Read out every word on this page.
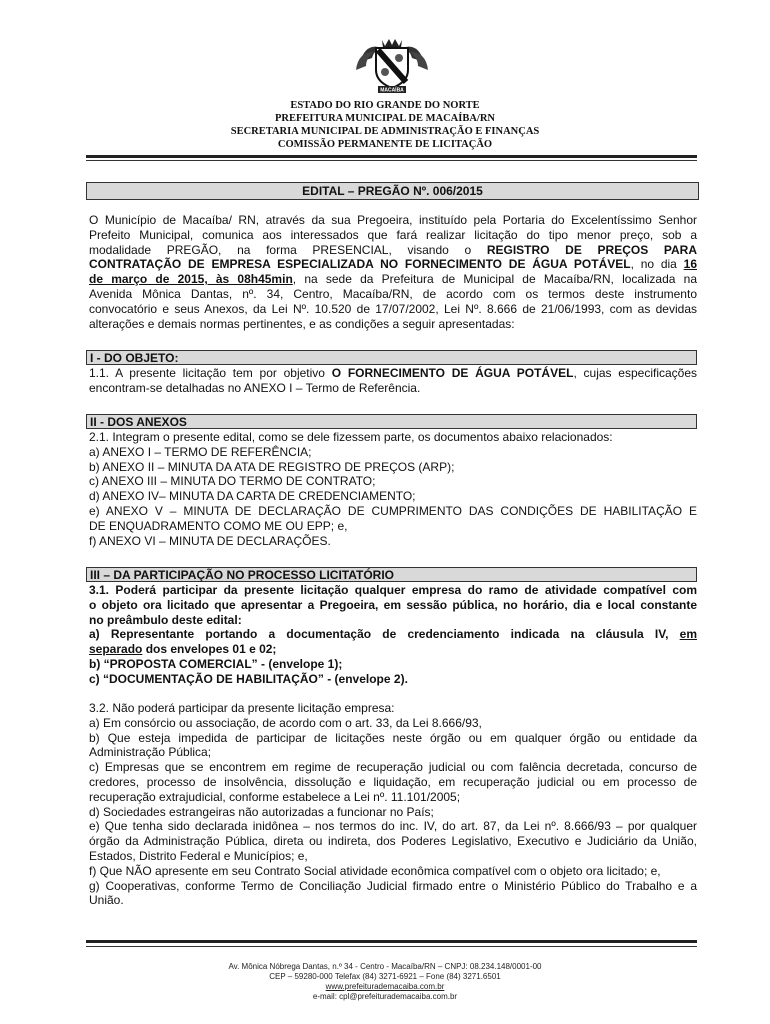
MACAÍBA
ESTADO DO RIO GRANDE DO NORTE
PREFEITURA MUNICIPAL DE MACAÍBA/RN
SECRETARIA MUNICIPAL DE ADMINISTRAÇÃO E FINANÇAS
COMISSÃO PERMANENTE DE LICITAÇÃO
EDITAL – PREGÃO Nº. 006/2015
O Município de Macaíba/ RN, através da sua Pregoeira, instituído pela Portaria do Excelentíssimo Senhor
Prefeito Municipal, comunica aos interessados que fará realizar licitação do tipo menor preço, sob a
modalidade PREGÃO, na forma PRESENCIAL, visando o REGISTRO DE PREÇOS PARA
CONTRATAÇÃO DE EMPRESA ESPECIALIZADA NO FORNECIMENTO DE ÁGUA POTÁVEL, no dia 16
de março de 2015, às 08h45min, na sede da Prefeitura de Municipal de Macaíba/RN, localizada na
Avenida Mônica Dantas, nº. 34, Centro, Macaíba/RN, de acordo com os termos deste instrumento
convocatório e seus Anexos, da Lei Nº. 10.520 de 17/07/2002, Lei Nº. 8.666 de 21/06/1993, com as devidas
alterações e demais normas pertinentes, e as condições a seguir apresentadas:
I - DO OBJETO:
1.1. A presente licitação tem por objetivo O FORNECIMENTO DE ÁGUA POTÁVEL, cujas especificações
encontram-se detalhadas no ANEXO I – Termo de Referência.
II - DOS ANEXOS
2.1. Integram o presente edital, como se dele fizessem parte, os documentos abaixo relacionados:
a) ANEXO I – TERMO DE REFERÊNCIA;
b) ANEXO II – MINUTA DA ATA DE REGISTRO DE PREÇOS (ARP);
c) ANEXO III – MINUTA DO TERMO DE CONTRATO;
d) ANEXO IV– MINUTA DA CARTA DE CREDENCIAMENTO;
e) ANEXO V – MINUTA DE DECLARAÇÃO DE CUMPRIMENTO DAS CONDIÇÕES DE HABILITAÇÃO E
DE ENQUADRAMENTO COMO ME OU EPP; e,
f) ANEXO VI – MINUTA DE DECLARAÇÕES.
III – DA PARTICIPAÇÃO NO PROCESSO LICITATÓRIO
3.1. Poderá participar da presente licitação qualquer empresa do ramo de atividade compatível com
o objeto ora licitado que apresentar a Pregoeira, em sessão pública, no horário, dia e local constante
no preâmbulo deste edital:
a) Representante portando a documentação de credenciamento indicada na cláusula IV, em
separado dos envelopes 01 e 02;
b) “PROPOSTA COMERCIAL” - (envelope 1);
c) “DOCUMENTAÇÃO DE HABILITAÇÃO” - (envelope 2).
3.2. Não poderá participar da presente licitação empresa:
a) Em consórcio ou associação, de acordo com o art. 33, da Lei 8.666/93,
b) Que esteja impedida de participar de licitações neste órgão ou em qualquer órgão ou entidade da
Administração Pública;
c) Empresas que se encontrem em regime de recuperação judicial ou com falência decretada, concurso de
credores, processo de insolvência, dissolução e liquidação, em recuperação judicial ou em processo de
recuperação extrajudicial, conforme estabelece a Lei nº. 11.101/2005;
d) Sociedades estrangeiras não autorizadas a funcionar no País;
e) Que tenha sido declarada inidônea – nos termos do inc. IV, do art. 87, da Lei nº. 8.666/93 – por qualquer
órgão da Administração Pública, direta ou indireta, dos Poderes Legislativo, Executivo e Judiciário da União,
Estados, Distrito Federal e Municípios; e,
f) Que NÃO apresente em seu Contrato Social atividade econômica compatível com o objeto ora licitado; e,
g) Cooperativas, conforme Termo de Conciliação Judicial firmado entre o Ministério Público do Trabalho e a
União.
Av. Mônica Nóbrega Dantas, n.º 34 - Centro - Macaíba/RN – CNPJ: 08.234.148/0001-00
CEP – 59280-000 Telefax (84) 3271-6921 – Fone (84) 3271.6501
www.prefeiturademacaiba.com.br
e-mail: cpl@prefeiturademacaiba.com.br
